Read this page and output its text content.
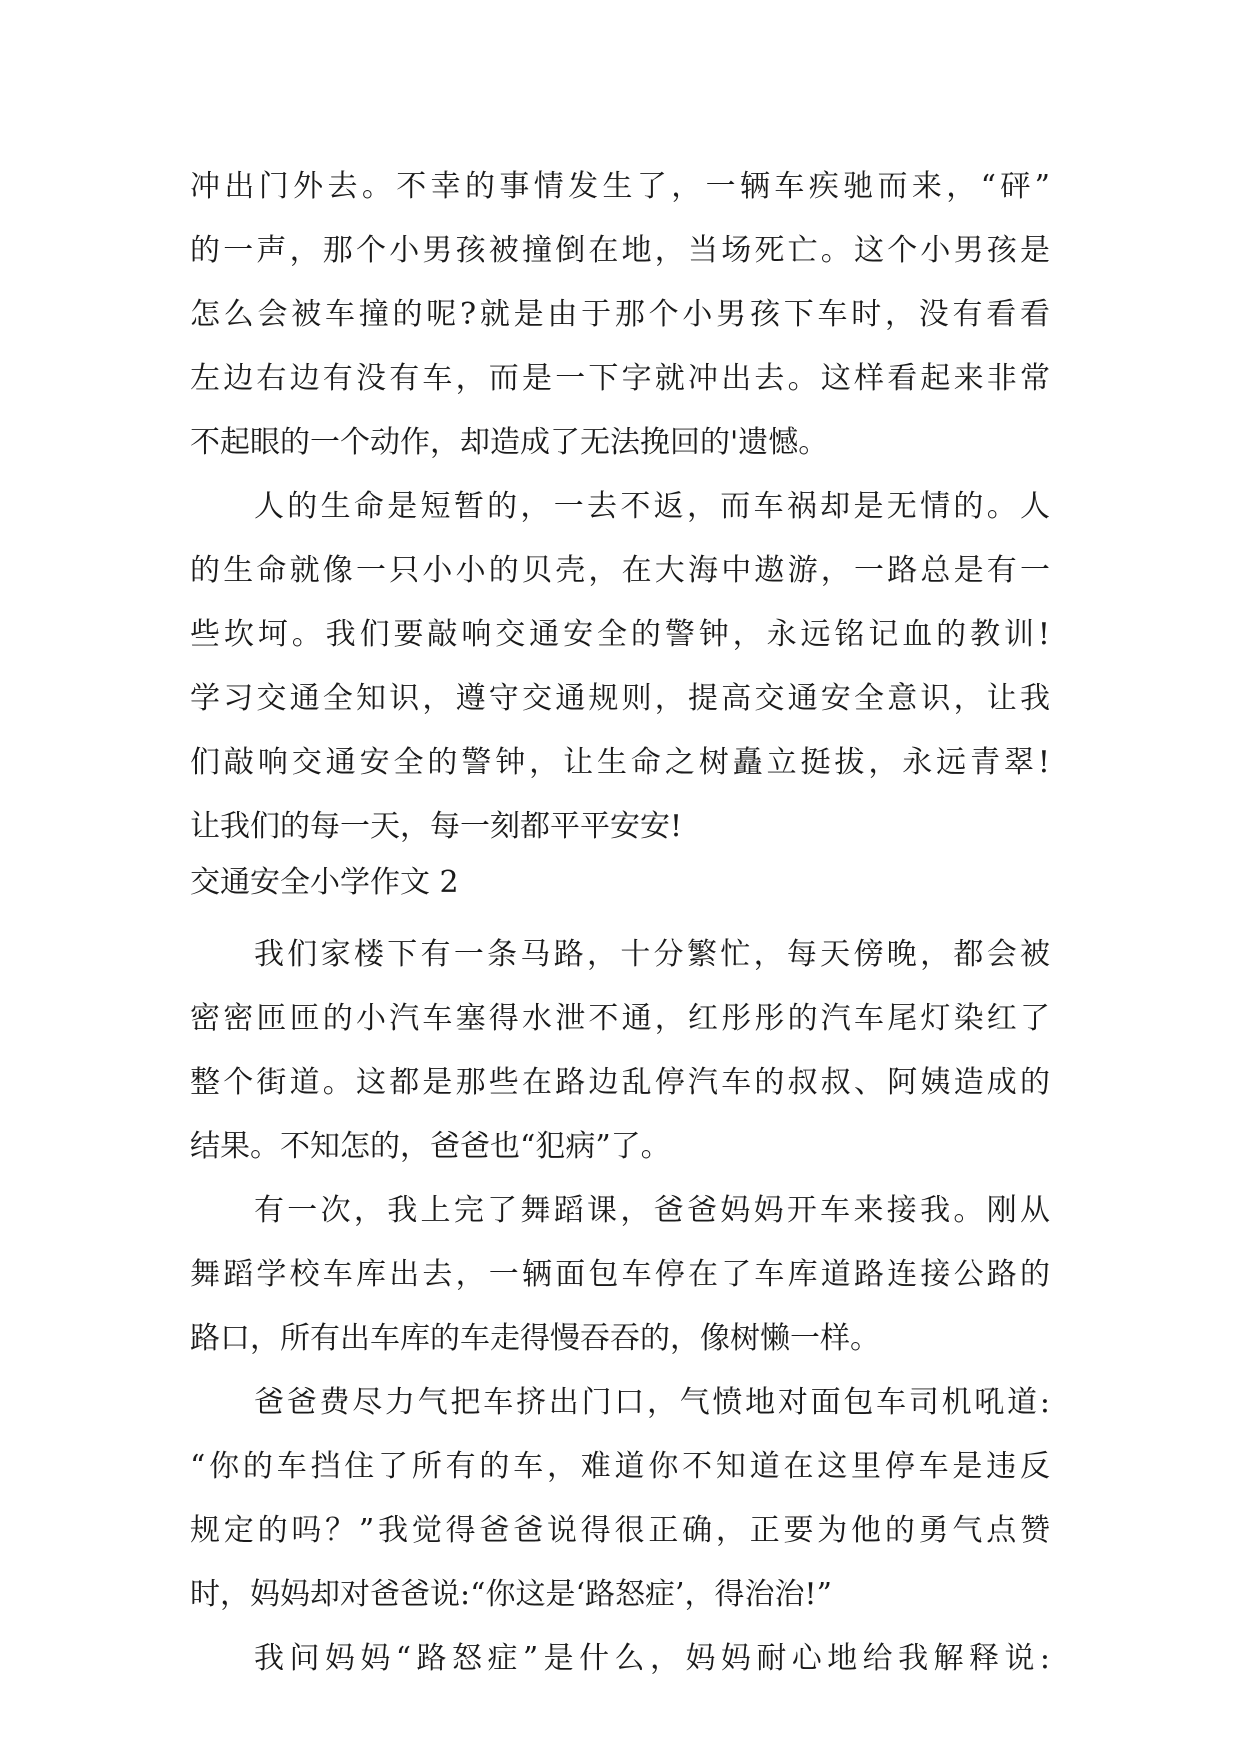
冲出门外去。不幸的事情发生了，一辆车疾驰而来，“砰”
的一声，那个小男孩被撞倒在地，当场死亡。这个小男孩是
怎么会被车撞的呢?就是由于那个小男孩下车时，没有看看
左边右边有没有车，而是一下字就冲出去。这样看起来非常
不起眼的一个动作，却造成了无法挽回的'遗憾。
人的生命是短暂的，一去不返，而车祸却是无情的。人
的生命就像一只小小的贝壳，在大海中遨游，一路总是有一
些坎坷。我们要敲响交通安全的警钟，永远铭记血的教训!
学习交通全知识，遵守交通规则，提高交通安全意识，让我
们敲响交通安全的警钟，让生命之树矗立挺拔，永远青翠!
让我们的每一天，每一刻都平平安安!
交通安全小学作文 2
我们家楼下有一条马路，十分繁忙，每天傍晚，都会被
密密匝匝的小汽车塞得水泄不通，红彤彤的汽车尾灯染红了
整个街道。这都是那些在路边乱停汽车的叔叔、阿姨造成的
结果。不知怎的，爸爸也“犯病”了。
有一次，我上完了舞蹈课，爸爸妈妈开车来接我。刚从
舞蹈学校车库出去，一辆面包车停在了车库道路连接公路的
路口，所有出车库的车走得慢吞吞的，像树懒一样。
爸爸费尽力气把车挤出门口，气愤地对面包车司机吼道:
“你的车挡住了所有的车，难道你不知道在这里停车是违反
规定的吗？”我觉得爸爸说得很正确，正要为他的勇气点赞
时，妈妈却对爸爸说:“你这是‘路怒症’，得治治!”
我问妈妈“路怒症”是什么，妈妈耐心地给我解释说:
